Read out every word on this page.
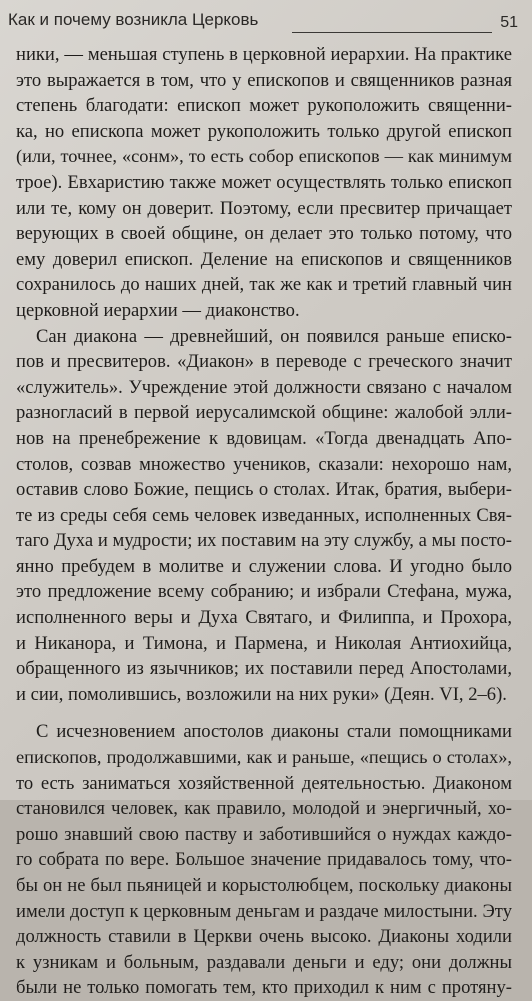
Как и почему возникла Церковь	51
ники, — меньшая ступень в церковной иерархии. На практике
это выражается в том, что у епископов и священников разная
степень благодати: епископ может рукоположить священни-
ка, но епископа может рукоположить только другой епископ
(или, точнее, «сонм», то есть собор епископов — как минимум
трое). Евхаристию также может осуществлять только епископ
или те, кому он доверит. Поэтому, если пресвитер причащает
верующих в своей общине, он делает это только потому, что
ему доверил епископ. Деление на епископов и священников
сохранилось до наших дней, так же как и третий главный чин
церковной иерархии — диаконство.
Сан диакона — древнейший, он появился раньше еписко-
пов и пресвитеров. «Диакон» в переводе с греческого значит
«служитель». Учреждение этой должности связано с началом
разногласий в первой иерусалимской общине: жалобой элли-
нов на пренебрежение к вдовицам. «Тогда двенадцать Апо-
столов, созвав множество учеников, сказали: нехорошо нам,
оставив слово Божие, пещись о столах. Итак, братия, выбери-
те из среды себя семь человек изведанных, исполненных Свя-
таго Духа и мудрости; их поставим на эту службу, а мы посто-
янно пребудем в молитве и служении слова. И угодно было
это предложение всему собранию; и избрали Стефана, мужа,
исполненного веры и Духа Святаго, и Филиппа, и Прохора,
и Никанора, и Тимона, и Пармена, и Николая Антиохийца,
обращенного из язычников; их поставили перед Апостолами,
и сии, помолившись, возложили на них руки» (Деян. VI, 2–6).
С исчезновением апостолов диаконы стали помощниками
епископов, продолжавшими, как и раньше, «пещись о столах»,
то есть заниматься хозяйственной деятельностью. Диаконом
становился человек, как правило, молодой и энергичный, хо-
рошо знавший свою паству и заботившийся о нуждах каждо-
го собрата по вере. Большое значение придавалось тому, что-
бы он не был пьяницей и корыстолюбцем, поскольку диаконы
имели доступ к церковным деньгам и раздаче милостыни. Эту
должность ставили в Церкви очень высоко. Диаконы ходили
к узникам и больным, раздавали деньги и еду; они должны
были не только помогать тем, кто приходил к ним с протяну-
